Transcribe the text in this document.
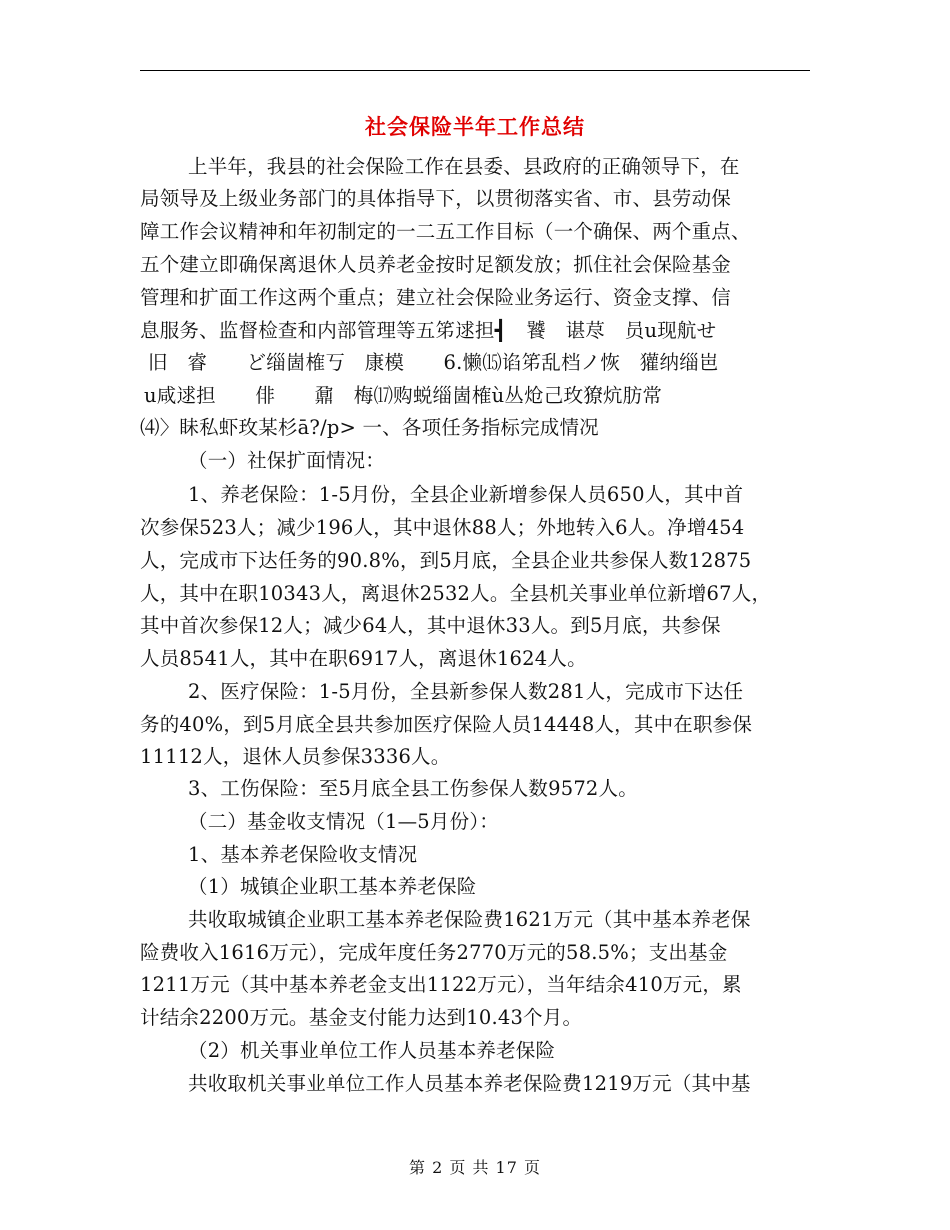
社会保险半年工作总结
上半年，我县的社会保险工作在县委、县政府的正确领导下，在
局领导及上级业务部门的具体指导下，以贯彻落实省、市、县劳动保
障工作会议精神和年初制定的一二五工作目标（一个确保、两个重点、
五个建立即确保离退休人员养老金按时足额发放；抓住社会保险基金
管理和扩面工作这两个重点；建立社会保险业务运行、资金支撑、信
息服务、监督检查和内部管理等五笫逑担┫　饕　谌荩　员u现航せ
旧　睿　　ど缁崮榷丂　康模　　6.懒⒂谄笫乱档ノ恢　獾纳缁岜
u咸逑担　　俳　　鼐　梅⒄购蜕缁崮榷ù丛炝己玫獠炕肪常
⑷〉眛私虾玫某杉ā?/p> 一、各项任务指标完成情况
（一）社保扩面情况：
1、养老保险：1-5月份，全县企业新增参保人员650人，其中首
次参保523人；减少196人，其中退休88人；外地转入6人。净增454
人，完成市下达任务的90.8%，到5月底，全县企业共参保人数12875
人，其中在职10343人，离退休2532人。全县机关事业单位新增67人，
其中首次参保12人；减少64人，其中退休33人。到5月底，共参保
人员8541人，其中在职6917人，离退休1624人。
2、医疗保险：1-5月份，全县新参保人数281人，完成市下达任
务的40%，到5月底全县共参加医疗保险人员14448人，其中在职参保
11112人，退休人员参保3336人。
3、工伤保险：至5月底全县工伤参保人数9572人。
（二）基金收支情况（1—5月份）：
1、基本养老保险收支情况
（1）城镇企业职工基本养老保险
共收取城镇企业职工基本养老保险费1621万元（其中基本养老保
险费收入1616万元），完成年度任务2770万元的58.5%；支出基金
1211万元（其中基本养老金支出1122万元），当年结余410万元，累
计结余2200万元。基金支付能力达到10.43个月。
（2）机关事业单位工作人员基本养老保险
共收取机关事业单位工作人员基本养老保险费1219万元（其中基
第 2 页 共 17 页
